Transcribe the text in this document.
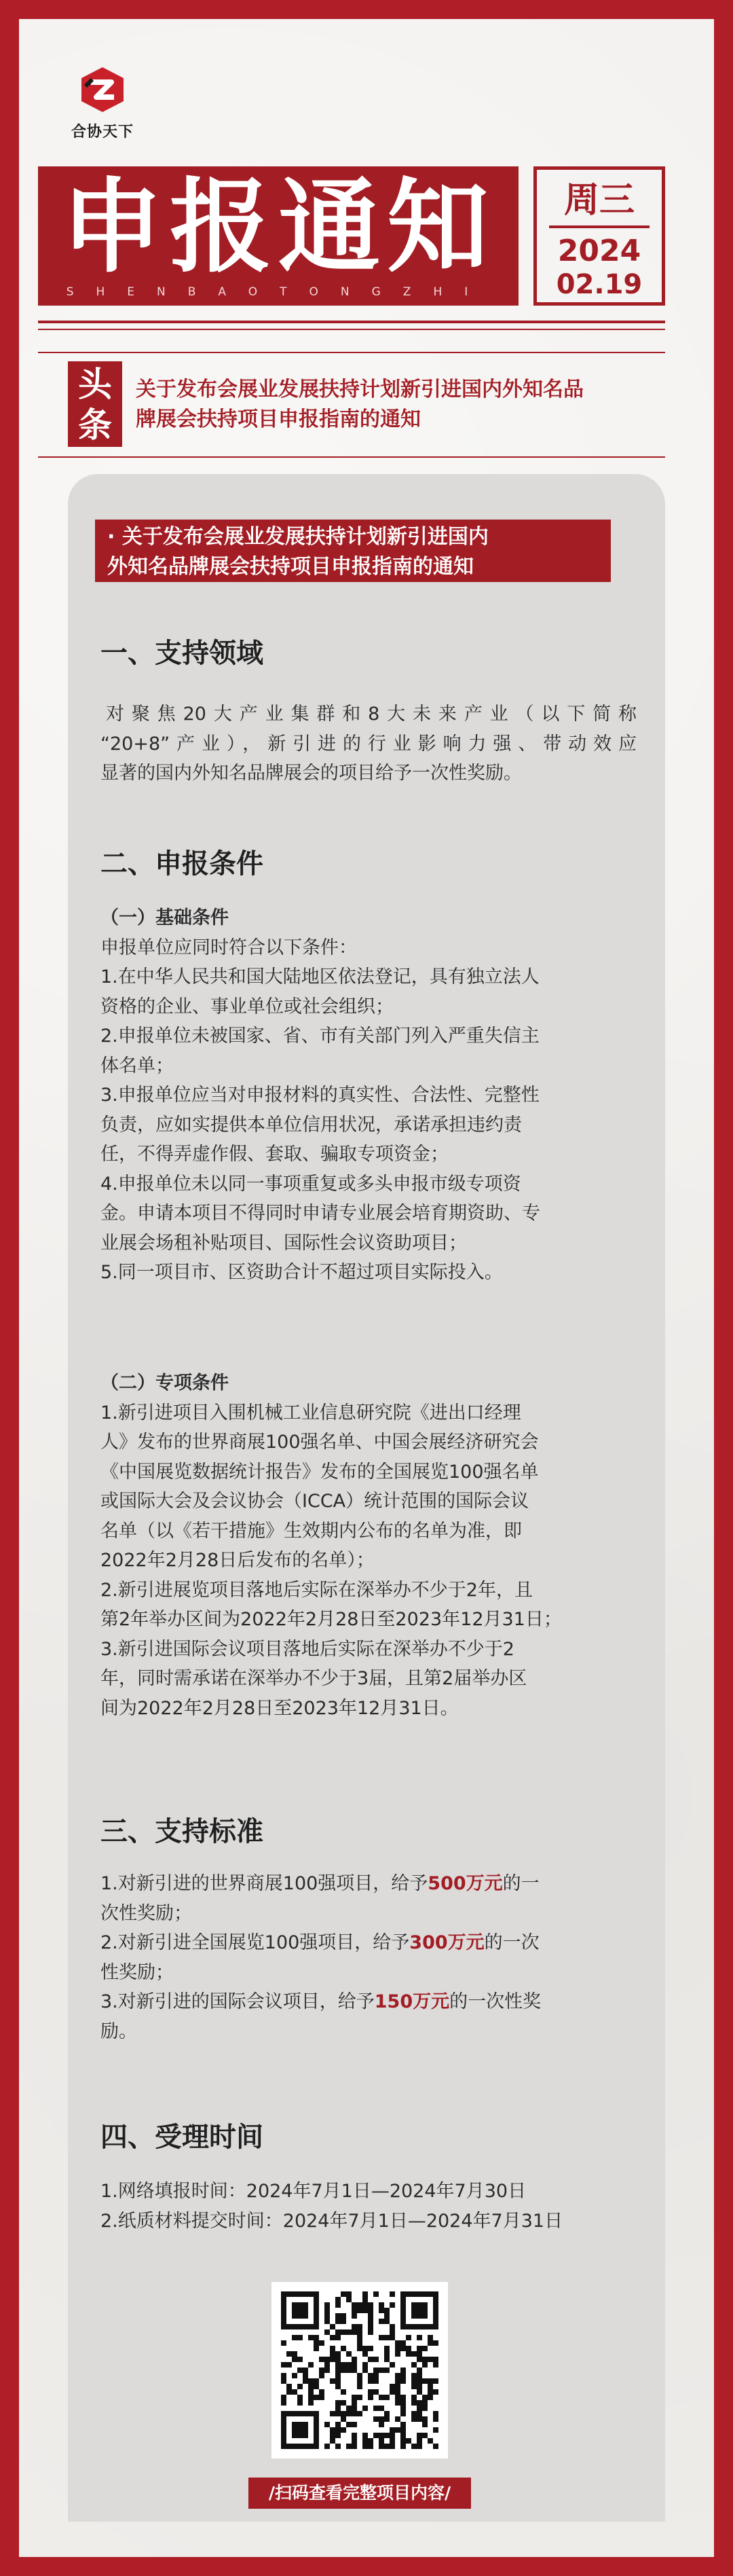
合协天下
申报通知
SHENBAOTONGZHI
周三
2024
02.19
头
条
关于发布会展业发展扶持计划新引进国内外知名品
牌展会扶持项目申报指南的通知
· 关于发布会展业发展扶持计划新引进国内
外知名品牌展会扶持项目申报指南的通知
一、支持领域
对聚焦20大产业集群和8大未来产业（以下简称
“20+8”产业），新引进的行业影响力强、带动效应
显著的国内外知名品牌展会的项目给予一次性奖励。
二、申报条件
（一）基础条件
申报单位应同时符合以下条件：
1.在中华人民共和国大陆地区依法登记，具有独立法人
资格的企业、事业单位或社会组织；
2.申报单位未被国家、省、市有关部门列入严重失信主
体名单；
3.申报单位应当对申报材料的真实性、合法性、完整性
负责，应如实提供本单位信用状况，承诺承担违约责
任，不得弄虚作假、套取、骗取专项资金；
4.申报单位未以同一事项重复或多头申报市级专项资
金。申请本项目不得同时申请专业展会培育期资助、专
业展会场租补贴项目、国际性会议资助项目；
5.同一项目市、区资助合计不超过项目实际投入。
（二）专项条件
1.新引进项目入围机械工业信息研究院《进出口经理
人》发布的世界商展100强名单、中国会展经济研究会
《中国展览数据统计报告》发布的全国展览100强名单
或国际大会及会议协会（ICCA）统计范围的国际会议
名单（以《若干措施》生效期内公布的名单为准，即
2022年2月28日后发布的名单）；
2.新引进展览项目落地后实际在深举办不少于2年，且
第2年举办区间为2022年2月28日至2023年12月31日；
3.新引进国际会议项目落地后实际在深举办不少于2
年，同时需承诺在深举办不少于3届，且第2届举办区
间为2022年2月28日至2023年12月31日。
三、支持标准
1.对新引进的世界商展100强项目，给予500万元的一
次性奖励；
2.对新引进全国展览100强项目，给予300万元的一次
性奖励；
3.对新引进的国际会议项目，给予150万元的一次性奖
励。
四、受理时间
1.网络填报时间：2024年7月1日—2024年7月30日
2.纸质材料提交时间：2024年7月1日—2024年7月31日
/扫码查看完整项目内容/
